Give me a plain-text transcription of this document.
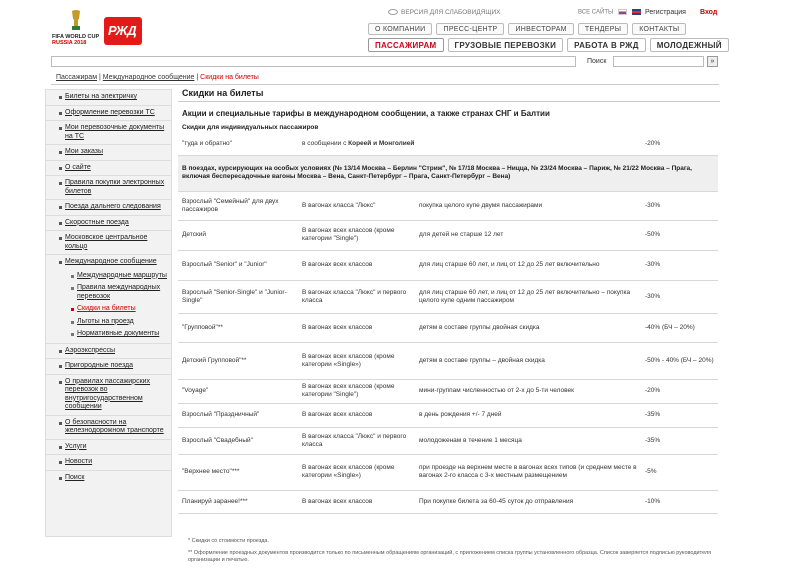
FIFA WORLD CUP
RUSSIA 2018
РЖД
ВЕРСИЯ ДЛЯ СЛАБОВИДЯЩИХ	ВСЕ САЙТЫ	Регистрация Вход
О КОМПАНИИ	ПРЕСС-ЦЕНТР	ИНВЕСТОРАМ	ТЕНДЕРЫ	КОНТАКТЫ
ПАССАЖИРАМ	ГРУЗОВЫЕ ПЕРЕВОЗКИ	РАБОТА В РЖД	МОЛОДЕЖНЫЙ
Поиск	»
Пассажирам | Международное сообщение | Скидки на билеты
Билеты на электричку
Оформление перевозки ТС
Мои перевозочные документы на ТС
Мои заказы
О сайте
Правила покупки электронных билетов
Поезда дальнего следования
Скоростные поезда
Московское центральное кольцо
Международное сообщение
Международные маршруты
Правила международных перевозок
Скидки на билеты
Льготы на проезд
Нормативные документы
Аэроэкспрессы
Пригородные поезда
О правилах пассажирских перевозок во внутригосударственном сообщении
О безопасности на железнодорожном транспорте
Услуги
Новости
Поиск
Скидки на билеты
Акции и специальные тарифы в международном сообщении, а также странах СНГ и Балтии
Скидки для индивидуальных пассажиров
"туда и обратно"	в сообщении с Кореей и Монголией		-20%
В поездах, курсирующих на особых условиях (№ 13/14 Москва – Берлин "Стриж", № 17/18 Москва – Ницца, № 23/24 Москва – Париж, № 21/22 Москва – Прага, включая беспересадочные вагоны Москва – Вена, Санкт-Петербург – Прага, Санкт-Петербург – Вена)			
Взрослый "Семейный" для двух пассажиров	В вагонах класса "Люкс"	покупка целого купе двумя пассажирами	-30%
Детский	В вагонах всех классов (кроме категории "Single")	для детей не старше 12 лет	-50%
Взрослый "Senior" и "Junior"	В вагонах всех классов	для лиц старше 60 лет, и лиц от 12 до 25 лет включительно	-30%
Взрослый "Senior-Single" и "Junior-Single"	В вагонах класса "Люкс" и первого класса	для лиц старше 60 лет, и лиц от 12 до 25 лет включительно – покупка целого купе одним пассажиром	-30%
"Групповой"**	В вагонах всех классов	детям в составе группы двойная скидка	-40% (БЧ – 20%)
Детский Групповой"**	В вагонах всех классов (кроме категории «Single»)	детям в составе группы – двойная скидка	-50% - 40% (БЧ – 20%)
"Voyage"	В вагонах всех классов (кроме категории "Single")	мини-группам численностью от 2-х до 5-ти человек	-20%
Взрослый "Праздничный"	В вагонах всех классов	в день рождения +/- 7 дней	-35%
Взрослый "Свадебный"	В вагонах класса "Люкс" и первого класса	молодоженам в течение 1 месяца	-35%
"Верхнее место"***	В вагонах всех классов (кроме категории «Single»)	при проезде на верхнем месте в вагонах всех типов (и среднем месте в вагонах 2-го класса с 3-х местным размещением	-5%
Планируй заранее!***	В вагонах всех классов	При покупке билета за 60-45 суток до отправления	-10%
* Скидки со стоимости проезда.
** Оформление проездных документов производится только по письменным обращениям организаций, с приложением списка группы установленного образца. Список заверяется подписью руководителя организации и печатью.
